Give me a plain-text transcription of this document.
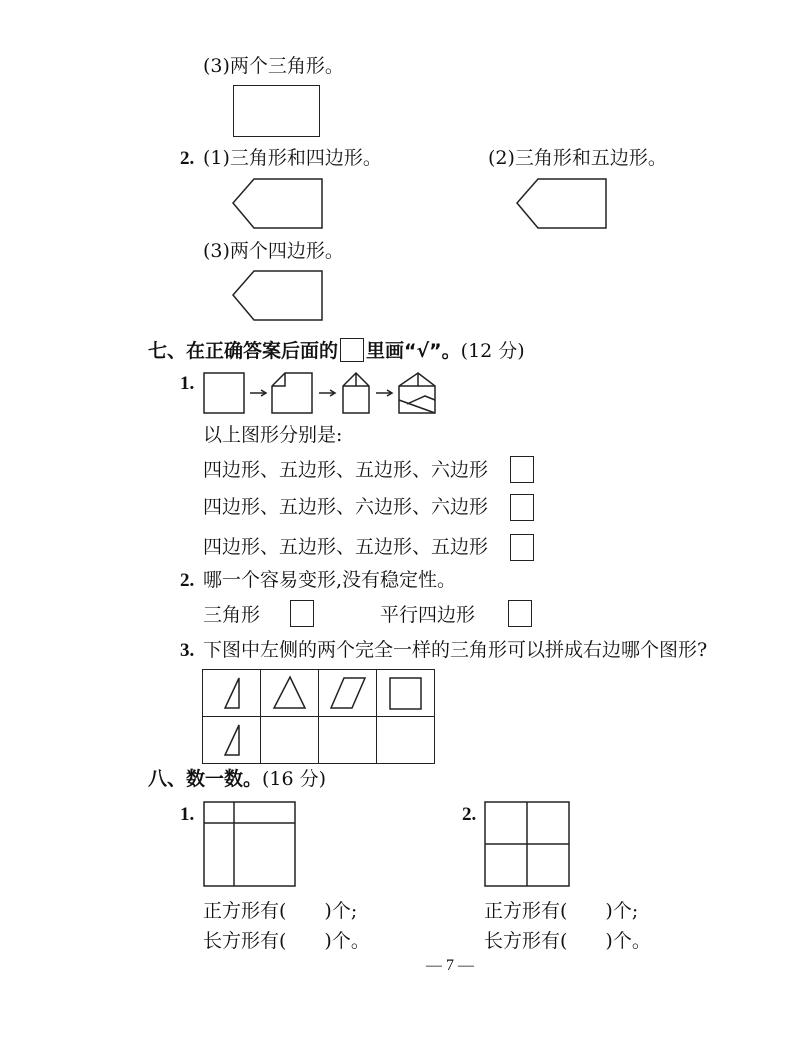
(3)两个三角形。
2. (1)三角形和四边形。	(2)三角形和五边形。
(3)两个四边形。
七、在正确答案后面的 里画“√”。(12 分)
1.
以上图形分别是:
四边形、五边形、五边形、六边形
四边形、五边形、六边形、六边形
四边形、五边形、五边形、五边形
2. 哪一个容易变形,没有稳定性。
三角形	平行四边形
3. 下图中左侧的两个完全一样的三角形可以拼成右边哪个图形?

八、数一数。(16 分)
1.	2.
正方形有(　　)个;
长方形有(　　)个。
正方形有(　　)个;
长方形有(　　)个。
— 7 —
